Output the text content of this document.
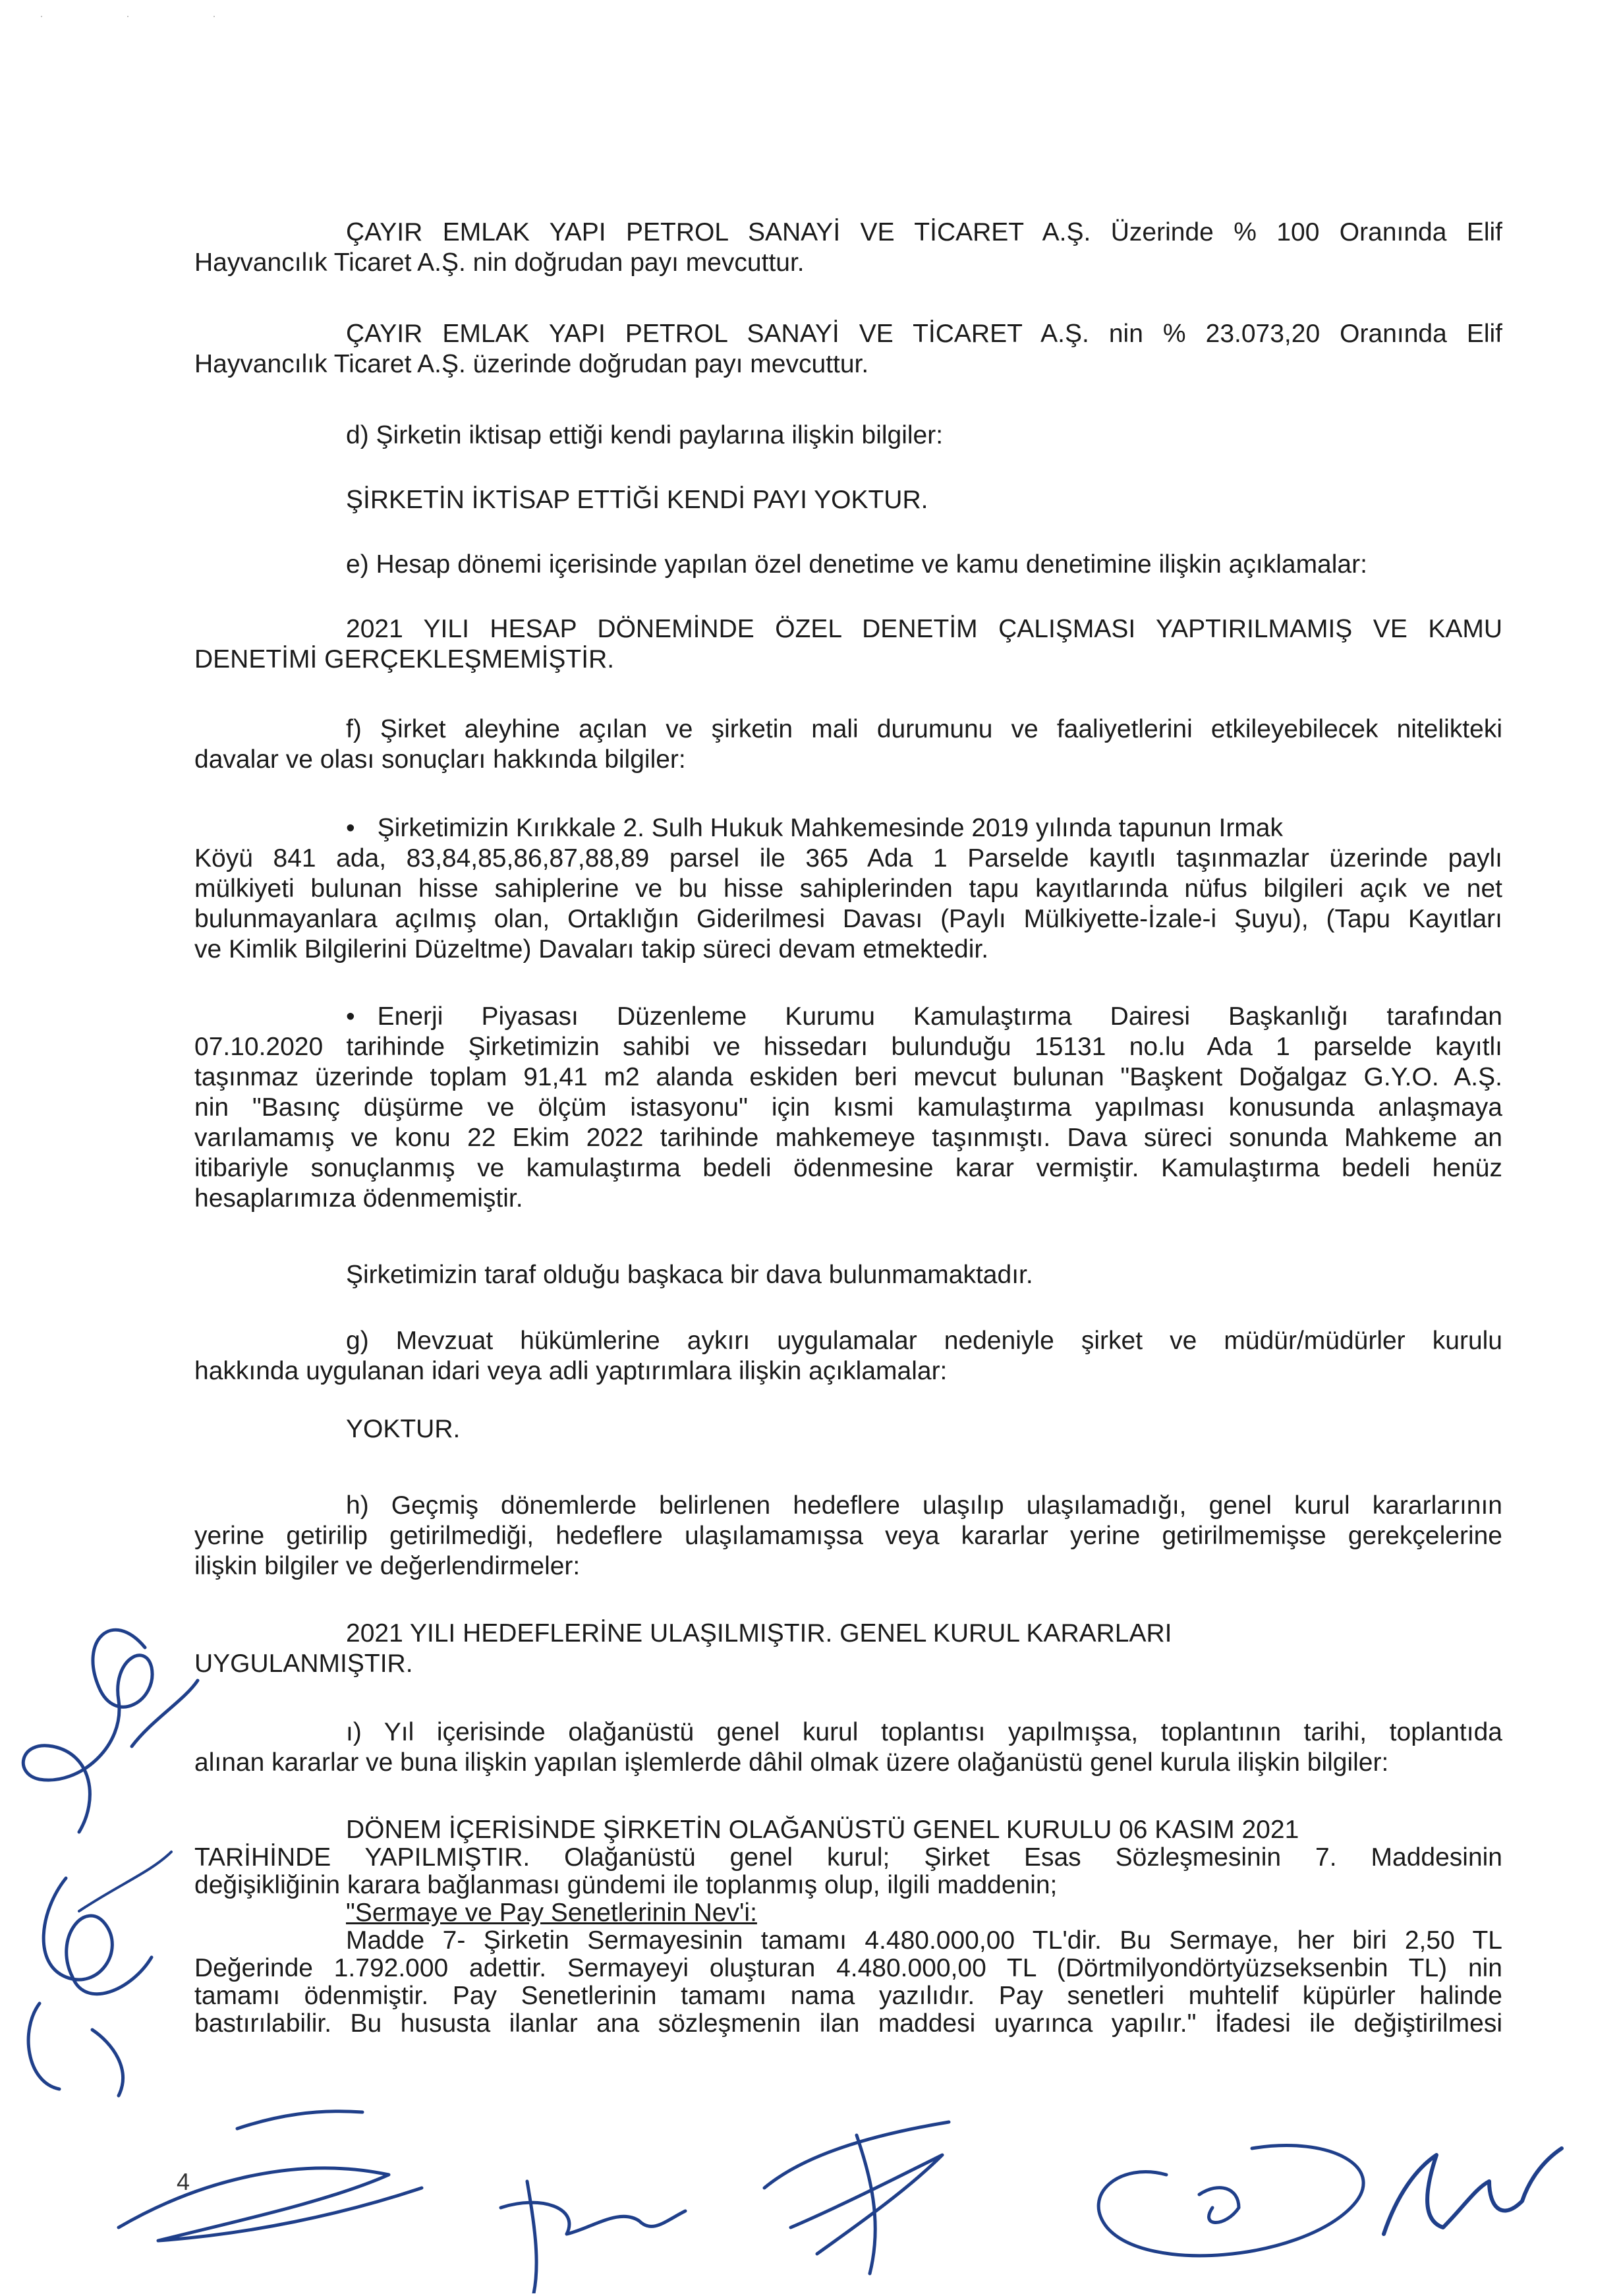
· · ·
ÇAYIR EMLAK YAPI PETROL SANAYİ VE TİCARET A.Ş. Üzerinde % 100 Oranında Elif
Hayvancılık Ticaret A.Ş. nin doğrudan payı mevcuttur.
ÇAYIR EMLAK YAPI PETROL SANAYİ VE TİCARET A.Ş. nin % 23.073,20 Oranında Elif
Hayvancılık Ticaret A.Ş. üzerinde doğrudan payı mevcuttur.
d) Şirketin iktisap ettiği kendi paylarına ilişkin bilgiler:
ŞİRKETİN İKTİSAP ETTİĞİ KENDİ PAYI YOKTUR.
e) Hesap dönemi içerisinde yapılan özel denetime ve kamu denetimine ilişkin açıklamalar:
2021 YILI HESAP DÖNEMİNDE ÖZEL DENETİM ÇALIŞMASI YAPTIRILMAMIŞ VE KAMU
DENETİMİ GERÇEKLEŞMEMİŞTİR.
f) Şirket aleyhine açılan ve şirketin mali durumunu ve faaliyetlerini etkileyebilecek nitelikteki
davalar ve olası sonuçları hakkında bilgiler:
• Şirketimizin Kırıkkale 2. Sulh Hukuk Mahkemesinde 2019 yılında tapunun Irmak
Köyü 841 ada, 83,84,85,86,87,88,89 parsel ile 365 Ada 1 Parselde kayıtlı taşınmazlar üzerinde paylı
mülkiyeti bulunan hisse sahiplerine ve bu hisse sahiplerinden tapu kayıtlarında nüfus bilgileri açık ve net
bulunmayanlara açılmış olan, Ortaklığın Giderilmesi Davası (Paylı Mülkiyette-İzale-i Şuyu), (Tapu Kayıtları
ve Kimlik Bilgilerini Düzeltme) Davaları takip süreci devam etmektedir.
• Enerji Piyasası Düzenleme Kurumu Kamulaştırma Dairesi Başkanlığı tarafından
07.10.2020 tarihinde Şirketimizin sahibi ve hissedarı bulunduğu 15131 no.lu Ada 1 parselde kayıtlı
taşınmaz üzerinde toplam 91,41 m2 alanda eskiden beri mevcut bulunan "Başkent Doğalgaz G.Y.O. A.Ş.
nin "Basınç düşürme ve ölçüm istasyonu" için kısmi kamulaştırma yapılması konusunda anlaşmaya
varılamamış ve konu 22 Ekim 2022 tarihinde mahkemeye taşınmıştı. Dava süreci sonunda Mahkeme an
itibariyle sonuçlanmış ve kamulaştırma bedeli ödenmesine karar vermiştir. Kamulaştırma bedeli henüz
hesaplarımıza ödenmemiştir.
Şirketimizin taraf olduğu başkaca bir dava bulunmamaktadır.
g) Mevzuat hükümlerine aykırı uygulamalar nedeniyle şirket ve müdür/müdürler kurulu
hakkında uygulanan idari veya adli yaptırımlara ilişkin açıklamalar:
YOKTUR.
h) Geçmiş dönemlerde belirlenen hedeflere ulaşılıp ulaşılamadığı, genel kurul kararlarının
yerine getirilip getirilmediği, hedeflere ulaşılamamışsa veya kararlar yerine getirilmemişse gerekçelerine
ilişkin bilgiler ve değerlendirmeler:
2021 YILI HEDEFLERİNE ULAŞILMIŞTIR. GENEL KURUL KARARLARI
UYGULANMIŞTIR.
ı) Yıl içerisinde olağanüstü genel kurul toplantısı yapılmışsa, toplantının tarihi, toplantıda
alınan kararlar ve buna ilişkin yapılan işlemlerde dâhil olmak üzere olağanüstü genel kurula ilişkin bilgiler:
DÖNEM İÇERİSİNDE ŞİRKETİN OLAĞANÜSTÜ GENEL KURULU 06 KASIM 2021
TARİHİNDE YAPILMIŞTIR. Olağanüstü genel kurul; Şirket Esas Sözleşmesinin 7. Maddesinin
değişikliğinin karara bağlanması gündemi ile toplanmış olup, ilgili maddenin;
"Sermaye ve Pay Senetlerinin Nev'i:
Madde 7- Şirketin Sermayesinin tamamı 4.480.000,00 TL'dir. Bu Sermaye, her biri 2,50 TL
Değerinde 1.792.000 adettir. Sermayeyi oluşturan 4.480.000,00 TL (Dörtmilyondörtyüzseksenbin TL) nin
tamamı ödenmiştir. Pay Senetlerinin tamamı nama yazılıdır. Pay senetleri muhtelif küpürler halinde
bastırılabilir. Bu hususta ilanlar ana sözleşmenin ilan maddesi uyarınca yapılır." İfadesi ile değiştirilmesi
4
